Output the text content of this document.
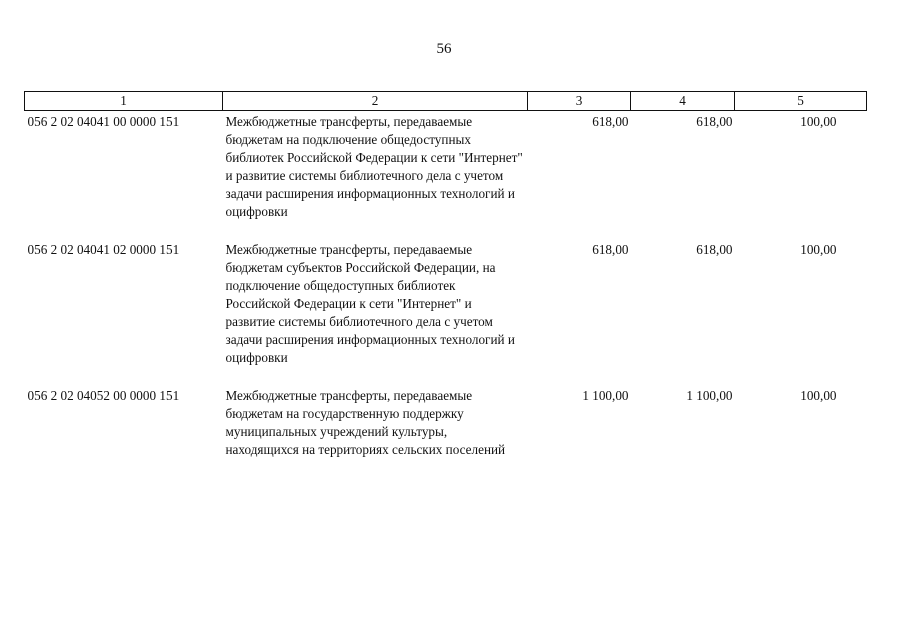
56
1	2	3	4	5
056 2 02 04041 00 0000 151	Межбюджетные трансферты, передаваемые бюджетам на подключение общедоступных библиотек Российской Федерации к сети "Интернет" и развитие системы библиотечного дела с учетом задачи расширения информационных технологий и оцифровки	618,00	618,00	100,00
056 2 02 04041 02 0000 151	Межбюджетные трансферты, передаваемые бюджетам субъектов Российской Федерации, на подключение общедоступных библиотек Российской Федерации к сети "Интернет" и развитие системы библиотечного дела с учетом задачи расширения информационных технологий и оцифровки	618,00	618,00	100,00
056 2 02 04052 00 0000 151	Межбюджетные трансферты, передаваемые бюджетам на государственную поддержку муниципальных учреждений культуры, находящихся на территориях сельских поселений	1 100,00	1 100,00	100,00
